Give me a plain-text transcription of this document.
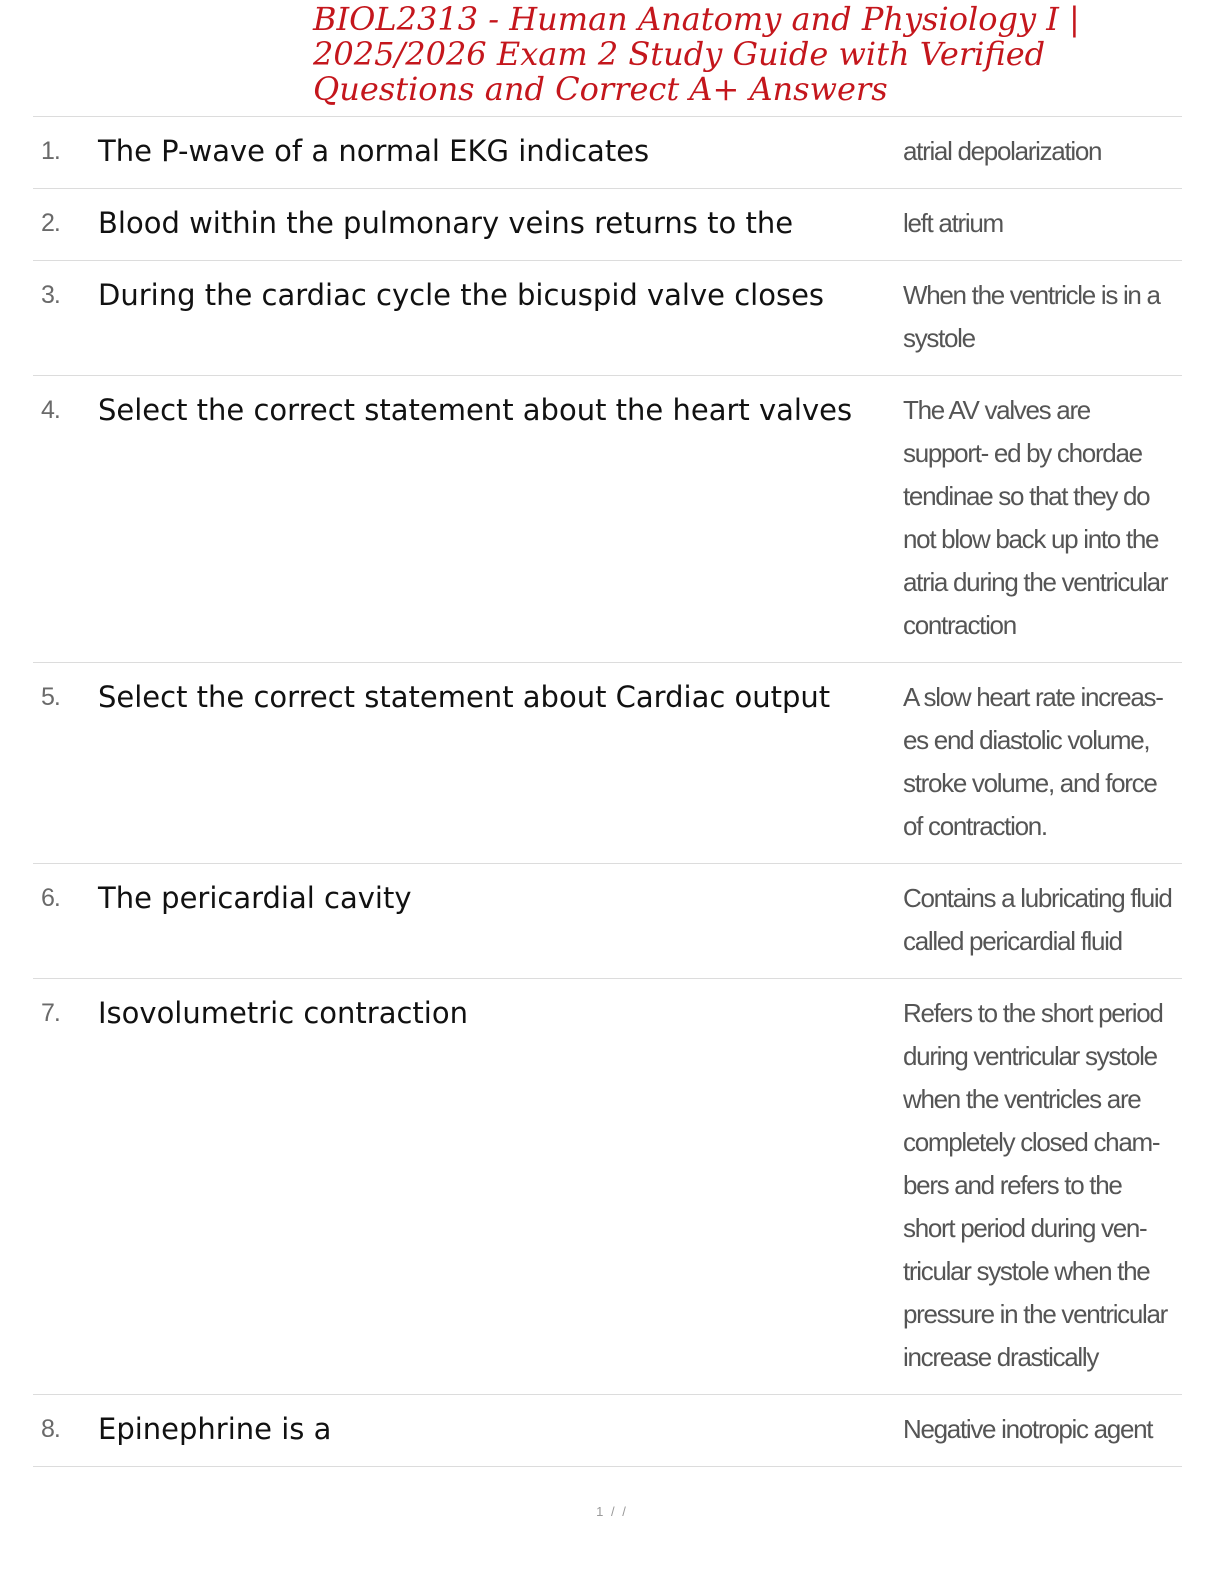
BIOL2313 - Human Anatomy and Physiology I | 2025/2026 Exam 2 Study Guide with Verified Questions and Correct A+ Answers
1.	The P-wave of a normal EKG indicates	atrial depolarization
2.	Blood within the pulmonary veins returns to the	left atrium
3.	During the cardiac cycle the bicuspid valve closes	When the ventricle is in a systole
4.	Select the correct statement about the heart valves	The AV valves are support- ed by chordae tendinae so that they do not blow back up into the atria during the ventricular contraction
5.	Select the correct statement about Cardiac output	A slow heart rate increas- es end diastolic volume, stroke volume, and force of contraction.
6.	The pericardial cavity	Contains a lubricating fluid called pericardial fluid
7.	Isovolumetric contraction	Refers to the short period during ventricular systole when the ventricles are completely closed cham- bers and refers to the short period during ven- tricular systole when the pressure in the ventricular increase drastically
8.	Epinephrine is a	Negative inotropic agent
1 / /
